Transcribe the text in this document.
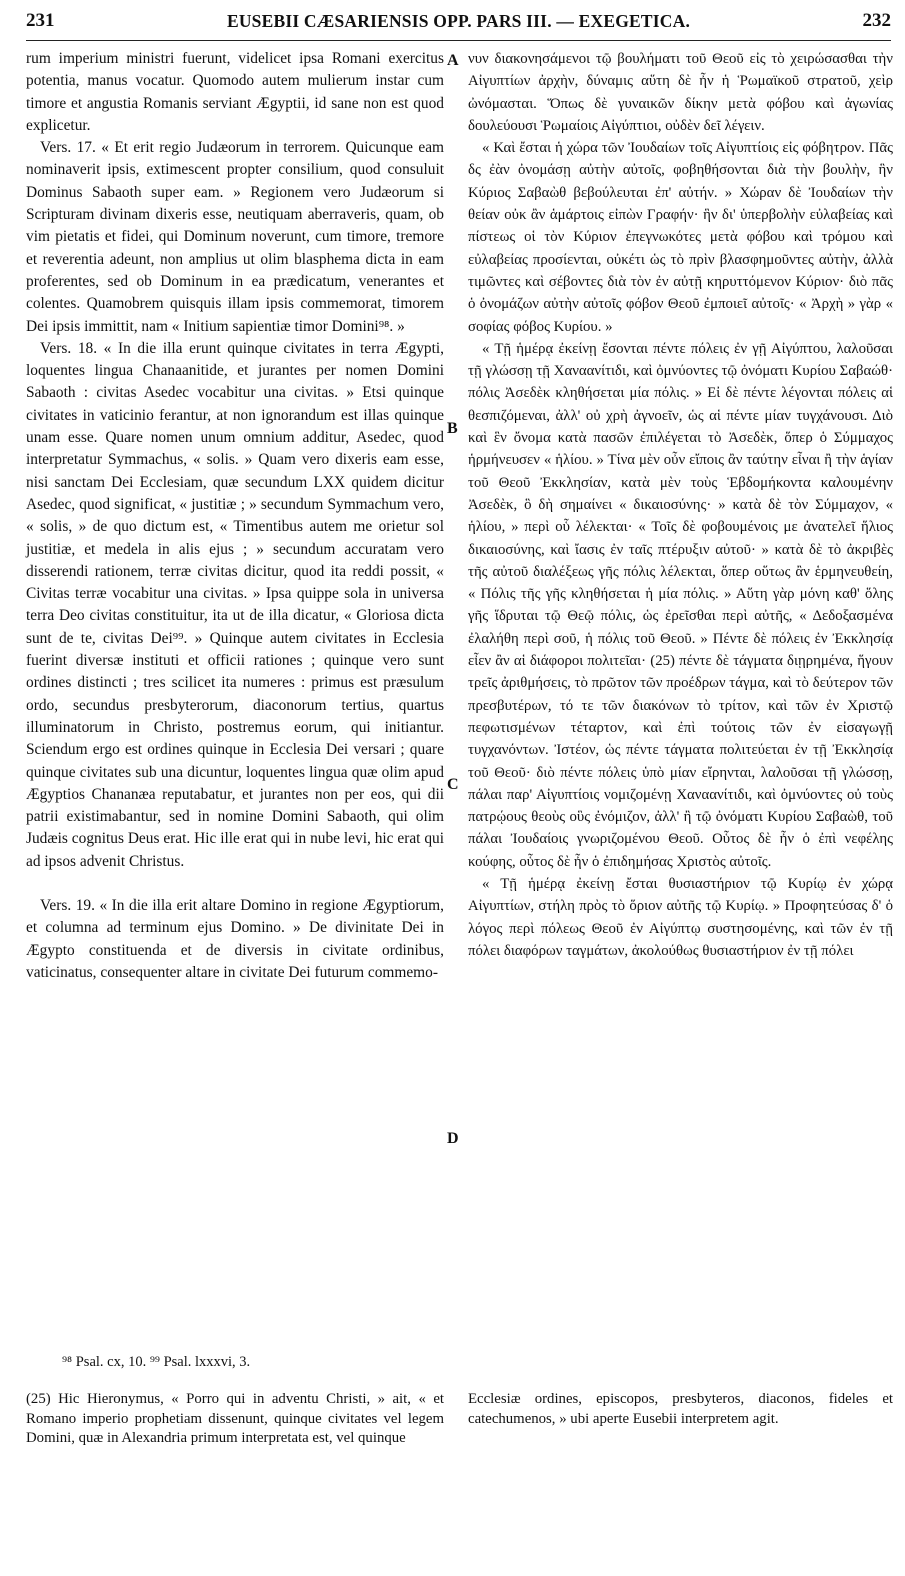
231	EUSEBII CÆSARIENSIS OPP. PARS III. — EXEGETICA.	232

rum imperium ministri fuerunt, videlicet ipsa Romani exercitus potentia, manus vocatur. Quomodo autem mulierum instar cum timore et angustia Romanis serviant Ægyptii, id sane non est quod explicetur.

Vers. 17. « Et erit regio Judæorum in terrorem. Quicunque eam nominaverit ipsis, extimescent propter consilium, quod consuluit Dominus Sabaoth super eam. » Regionem vero Judæorum si Scripturam divinam dixeris esse, neutiquam aberraveris, quam, ob vim pietatis et fidei, qui Dominum noverunt, cum timore, tremore et reverentia adeunt, non amplius ut olim blasphema dicta in eam proferentes, sed ob Dominum in ea prædicatum, venerantes et colentes. Quamobrem quisquis illam ipsis commemorat, timorem Dei ipsis immittit, nam « Initium sapientiæ timor Domini⁹⁸. »

Vers. 18. « In die illa erunt quinque civitates in terra Ægypti, loquentes lingua Chanaanitide, et jurantes per nomen Domini Sabaoth : civitas Asedec vocabitur una civitas. » Etsi quinque civitates in vaticinio ferantur, at non ignorandum est illas quinque unam esse. Quare nomen unum omnium additur, Asedec, quod interpretatur Symmachus, « solis. » Quam vero dixeris eam esse, nisi sanctam Dei Ecclesiam, quæ secundum LXX quidem dicitur Asedec, quod significat, « justitiæ ; » secundum Symmachum vero, « solis, » de quo dictum est, « Timentibus autem me orietur sol justitiæ, et medela in alis ejus ; » secundum accuratam vero disserendi rationem, terræ civitas dicitur, quod ita reddi possit, « Civitas terræ vocabitur una civitas. » Ipsa quippe sola in universa terra Deo civitas constituitur, ita ut de illa dicatur, « Gloriosa dicta sunt de te, civitas Dei⁹⁹. » Quinque autem civitates in Ecclesia fuerint diversæ instituti et officii rationes ; quinque vero sunt ordines distincti ; tres scilicet ita numeres : primus est præsulum ordo, secundus presbyterorum, diaconorum tertius, quartus illuminatorum in Christo, postremus eorum, qui initiantur. Sciendum ergo est ordines quinque in Ecclesia Dei versari ; quare quinque civitates sub una dicuntur, loquentes lingua quæ olim apud Ægyptios Chananæa reputabatur, et jurantes non per eos, qui dii patrii existimabantur, sed in nomine Domini Sabaoth, qui olim Judæis cognitus Deus erat. Hic ille erat qui in nube levi, hic erat qui ad ipsos advenit Christus.

Vers. 19. « In die illa erit altare Domino in regione Ægyptiorum, et columna ad terminum ejus Domino. » De divinitate Dei in Ægypto constituenda et de diversis in civitate ordinibus, vaticinatus, consequenter altare in civitate Dei futurum commemo-

νυν διακονησάμενοι τῷ βουλήματι τοῦ Θεοῦ εἰς τὸ χειρώσασθαι τὴν Αἰγυπτίων ἀρχὴν, δύναμις αὕτη δὲ ἦν ἡ Ῥωμαϊκοῦ στρατοῦ, χεὶρ ὠνόμασται. Ὅπως δὲ γυναικῶν δίκην μετὰ φόβου καὶ ἀγωνίας δουλεύουσι Ῥωμαίοις Αἰγύπτιοι, οὐδὲν δεῖ λέγειν.

« Καὶ ἔσται ἡ χώρα τῶν Ἰουδαίων τοῖς Αἰγυπτίοις εἰς φόβητρον. Πᾶς δς ἐὰν ὀνομάσῃ αὐτὴν αὐτοῖς, φοβηθήσονται διὰ τὴν βουλὴν, ἣν Κύριος Σαβαὼθ βεβούλευται ἐπ' αὐτήν. » Χώραν δὲ Ἰουδαίων τὴν θείαν οὐκ ἂν ἁμάρτοις εἰπὼν Γραφήν· ἣν δι' ὑπερβολὴν εὐλαβείας καὶ πίστεως οἱ τὸν Κύριον ἐπεγνωκότες μετὰ φόβου καὶ τρόμου καὶ εὐλαβείας προσίενται, οὐκέτι ὡς τὸ πρὶν βλασφημοῦντες αὐτὴν, ἀλλὰ τιμῶντες καὶ σέβοντες διὰ τὸν ἐν αὐτῇ κηρυττόμενον Κύριον· διὸ πᾶς ὁ ὀνομάζων αὐτὴν αὐτοῖς φόβον Θεοῦ ἐμποιεῖ αὐτοῖς· « Ἀρχὴ » γὰρ « σοφίας φόβος Κυρίου. »

« Τῇ ἡμέρᾳ ἐκείνῃ ἔσονται πέντε πόλεις ἐν γῇ Αἰγύπτου, λαλοῦσαι τῇ γλώσσῃ τῇ Χαναανίτιδι, καὶ ὀμνύοντες τῷ ὀνόματι Κυρίου Σαβαώθ· πόλις Ἀσεδὲκ κληθήσεται μία πόλις. » Εἰ δὲ πέντε λέγονται πόλεις αἱ θεσπιζόμεναι, ἀλλ' οὐ χρὴ ἀγνοεῖν, ὡς αἱ πέντε μίαν τυγχάνουσι. Διὸ καὶ ἓν ὄνομα κατὰ πασῶν ἐπιλέγεται τὸ Ἀσεδὲκ, ὅπερ ὁ Σύμμαχος ἡρμήνευσεν « ἡλίου. » Τίνα μὲν οὖν εἴποις ἂν ταύτην εἶναι ἢ τὴν ἁγίαν τοῦ Θεοῦ Ἐκκλησίαν, κατὰ μὲν τοὺς Ἑβδομήκοντα καλουμένην Ἀσεδὲκ, ὃ δὴ σημαίνει « δικαιοσύνης· » κατὰ δὲ τὸν Σύμμαχον, « ἡλίου, » περὶ οὗ λέλεκται· « Τοῖς δὲ φοβουμένοις με ἀνατελεῖ ἥλιος δικαιοσύνης, καὶ ἴασις ἐν ταῖς πτέρυξιν αὐτοῦ· » κατὰ δὲ τὸ ἀκριβὲς τῆς αὐτοῦ διαλέξεως γῆς πόλις λέλεκται, ὅπερ οὕτως ἂν ἑρμηνευθείη, « Πόλις τῆς γῆς κληθήσεται ἡ μία πόλις. » Αὕτη γὰρ μόνη καθ' ὅλης γῆς ἵδρυται τῷ Θεῷ πόλις, ὡς ἐρεῖσθαι περὶ αὐτῆς, « Δεδοξασμένα ἐλαλήθη περὶ σοῦ, ἡ πόλις τοῦ Θεοῦ. » Πέντε δὲ πόλεις ἐν Ἐκκλησίᾳ εἶεν ἂν αἱ διάφοροι πολιτεῖαι· (25) πέντε δὲ τάγματα διῃρημένα, ἥγουν τρεῖς ἀριθμήσεις, τὸ πρῶτον τῶν προέδρων τάγμα, καὶ τὸ δεύτερον τῶν πρεσβυτέρων, τό τε τῶν διακόνων τὸ τρίτον, καὶ τῶν ἐν Χριστῷ πεφωτισμένων τέταρτον, καὶ ἐπὶ τούτοις τῶν ἐν εἰσαγωγῇ τυγχανόντων. Ἰστέον, ὡς πέντε τάγματα πολιτεύεται ἐν τῇ Ἐκκλησίᾳ τοῦ Θεοῦ· διὸ πέντε πόλεις ὑπὸ μίαν εἴρηνται, λαλοῦσαι τῇ γλώσσῃ, πάλαι παρ' Αἰγυπτίοις νομιζομένῃ Χαναανίτιδι, καὶ ὀμνύοντες οὐ τοὺς πατρῴους θεοὺς οὓς ἐνόμιζον, ἀλλ' ἢ τῷ ὀνόματι Κυρίου Σαβαὼθ, τοῦ πάλαι Ἰουδαίοις γνωριζομένου Θεοῦ. Οὗτος δὲ ἦν ὁ ἐπὶ νεφέλης κούφης, οὗτος δὲ ἦν ὁ ἐπιδημήσας Χριστὸς αὐτοῖς.

« Τῇ ἡμέρᾳ ἐκείνῃ ἔσται θυσιαστήριον τῷ Κυρίῳ ἐν χώρᾳ Αἰγυπτίων, στήλη πρὸς τὸ ὅριον αὐτῆς τῷ Κυρίῳ. » Προφητεύσας δ' ὁ λόγος περὶ πόλεως Θεοῦ ἐν Αἰγύπτῳ συστησομένης, καὶ τῶν ἐν τῇ πόλει διαφόρων ταγμάτων, ἀκολούθως θυσιαστήριον ἐν τῇ πόλει

A
B
C
D
⁹⁸ Psal. cx, 10. ⁹⁹ Psal. lxxxvi, 3.
(25) Hic Hieronymus, « Porro qui in adventu Christi, » ait, « et Romano imperio prophetiam dissenunt, quinque civitates vel legem Domini, quæ in Alexandria primum interpretata est, vel quinque
Ecclesiæ ordines, episcopos, presbyteros, diaconos, fideles et catechumenos, » ubi aperte Eusebii interpretem agit.
